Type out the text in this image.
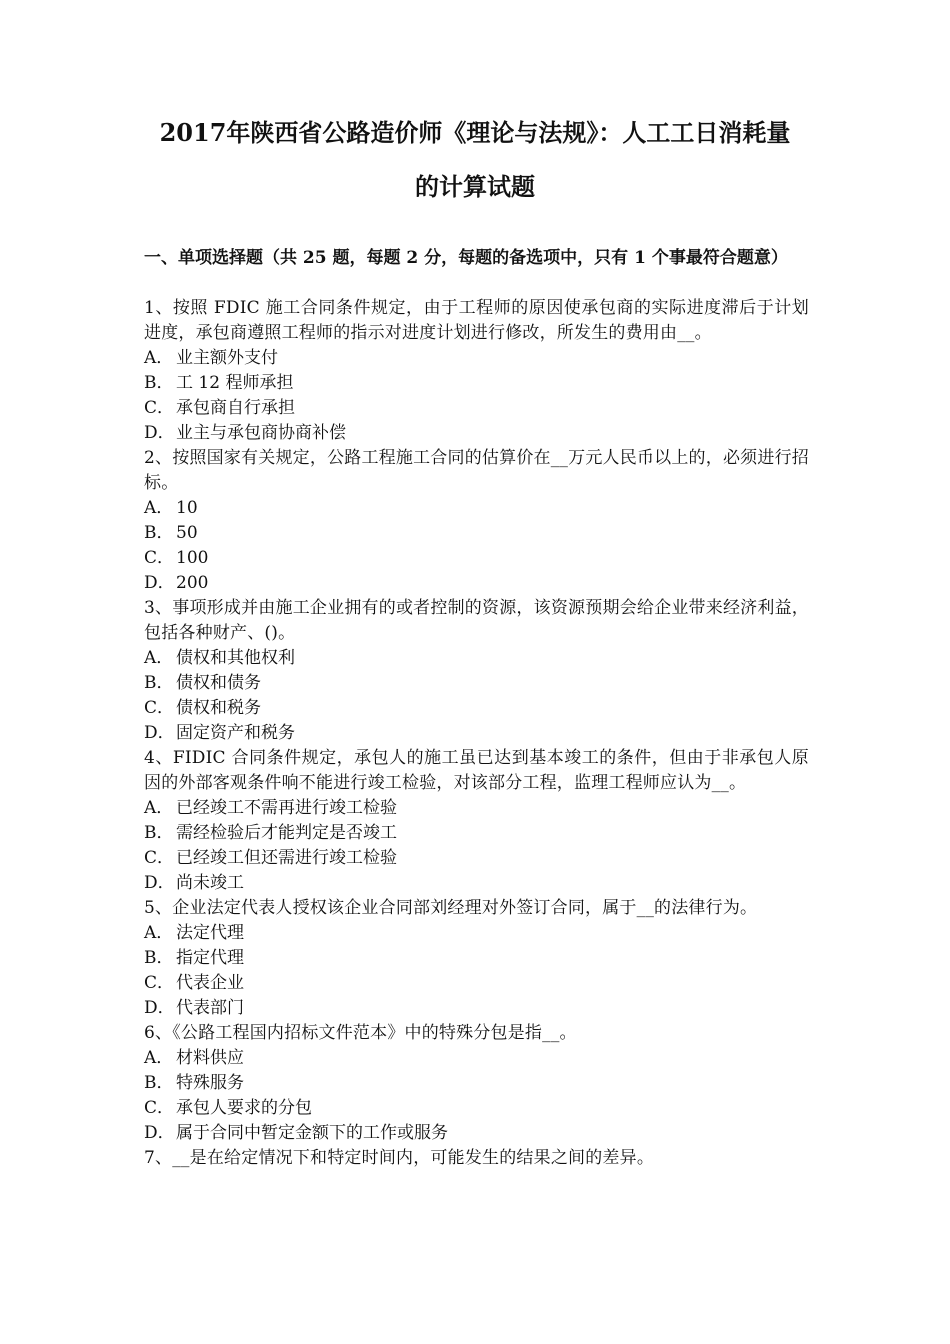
2017年陕西省公路造价师《理论与法规》：人工工日消耗量
的计算试题
一、单项选择题（共 25 题，每题 2 分，每题的备选项中，只有 1 个事最符合题意）

1、按照 FDIC 施工合同条件规定，由于工程师的原因使承包商的实际进度滞后于计划进度，承包商遵照工程师的指示对进度计划进行修改，所发生的费用由__。

A． 业主额外支付

B． 工 12 程师承担

C． 承包商自行承担

D．业主与承包商协商补偿

2、按照国家有关规定，公路工程施工合同的估算价在__万元人民币以上的，必须进行招标。

A． 10

B． 50

C． 100

D．200

3、事项形成并由施工企业拥有的或者控制的资源，该资源预期会给企业带来经济利益，包括各种财产、()。

A． 债权和其他权利

B． 债权和债务

C． 债权和税务

D．固定资产和税务

4、FIDIC 合同条件规定，承包人的施工虽已达到基本竣工的条件，但由于非承包人原因的外部客观条件响不能进行竣工检验，对该部分工程，监理工程师应认为__。

A． 已经竣工不需再进行竣工检验

B． 需经检验后才能判定是否竣工

C． 已经竣工但还需进行竣工检验

D．尚未竣工

5、企业法定代表人授权该企业合同部刘经理对外签订合同，属于__的法律行为。

A． 法定代理

B． 指定代理

C． 代表企业

D．代表部门

6、《公路工程国内招标文件范本》中的特殊分包是指__。

A． 材料供应

B． 特殊服务

C． 承包人要求的分包

D．属于合同中暂定金额下的工作或服务

7、__是在给定情况下和特定时间内，可能发生的结果之间的差异。
